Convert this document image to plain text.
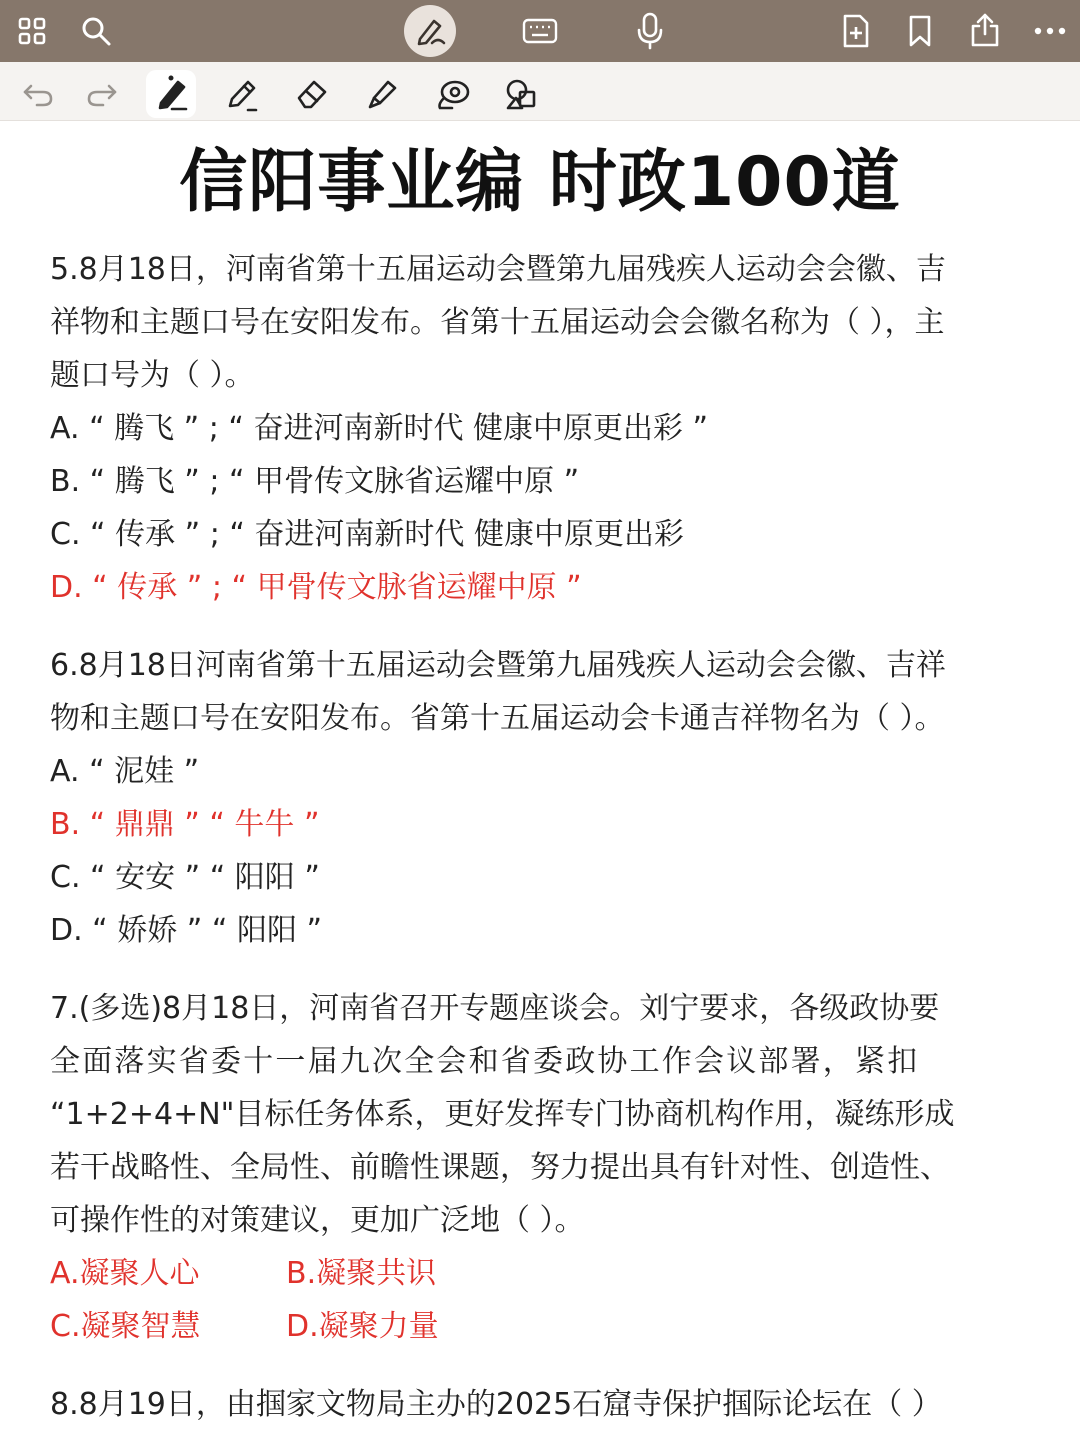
信阳事业编 时政100道
5.8月18日，河南省第十五届运动会暨第九届残疾人运动会会徽、吉
祥物和主题口号在安阳发布。省第十五届运动会会徽名称为（ ），主
题口号为（ ）。
A. “ 腾飞 ” ; “ 奋进河南新时代 健康中原更出彩 ”
B. “ 腾飞 ” ; “ 甲骨传文脉省运耀中原 ”
C. “ 传承 ” ; “ 奋进河南新时代 健康中原更出彩
D. “ 传承 ” ; “ 甲骨传文脉省运耀中原 ”
6.8月18日河南省第十五届运动会暨第九届残疾人运动会会徽、吉祥
物和主题口号在安阳发布。省第十五届运动会卡通吉祥物名为（ ）。
A. “ 泥娃 ”
B. “ 鼎鼎 ” “ 牛牛 ”
C. “ 安安 ” “ 阳阳 ”
D. “ 娇娇 ” “ 阳阳 ”
7.(多选)8月18日，河南省召开专题座谈会。刘宁要求，各级政协要
全面落实省委十一届九次全会和省委政协工作会议部署，紧扣
“1+2+4+N"目标任务体系，更好发挥专门协商机构作用，凝练形成
若干战略性、全局性、前瞻性课题，努力提出具有针对性、创造性、
可操作性的对策建议，更加广泛地（ ）。
A.凝聚人心	B.凝聚共识
C.凝聚智慧	D.凝聚力量
8.8月19日，由掴家文物局主办的2025石窟寺保护掴际论坛在（ ）
